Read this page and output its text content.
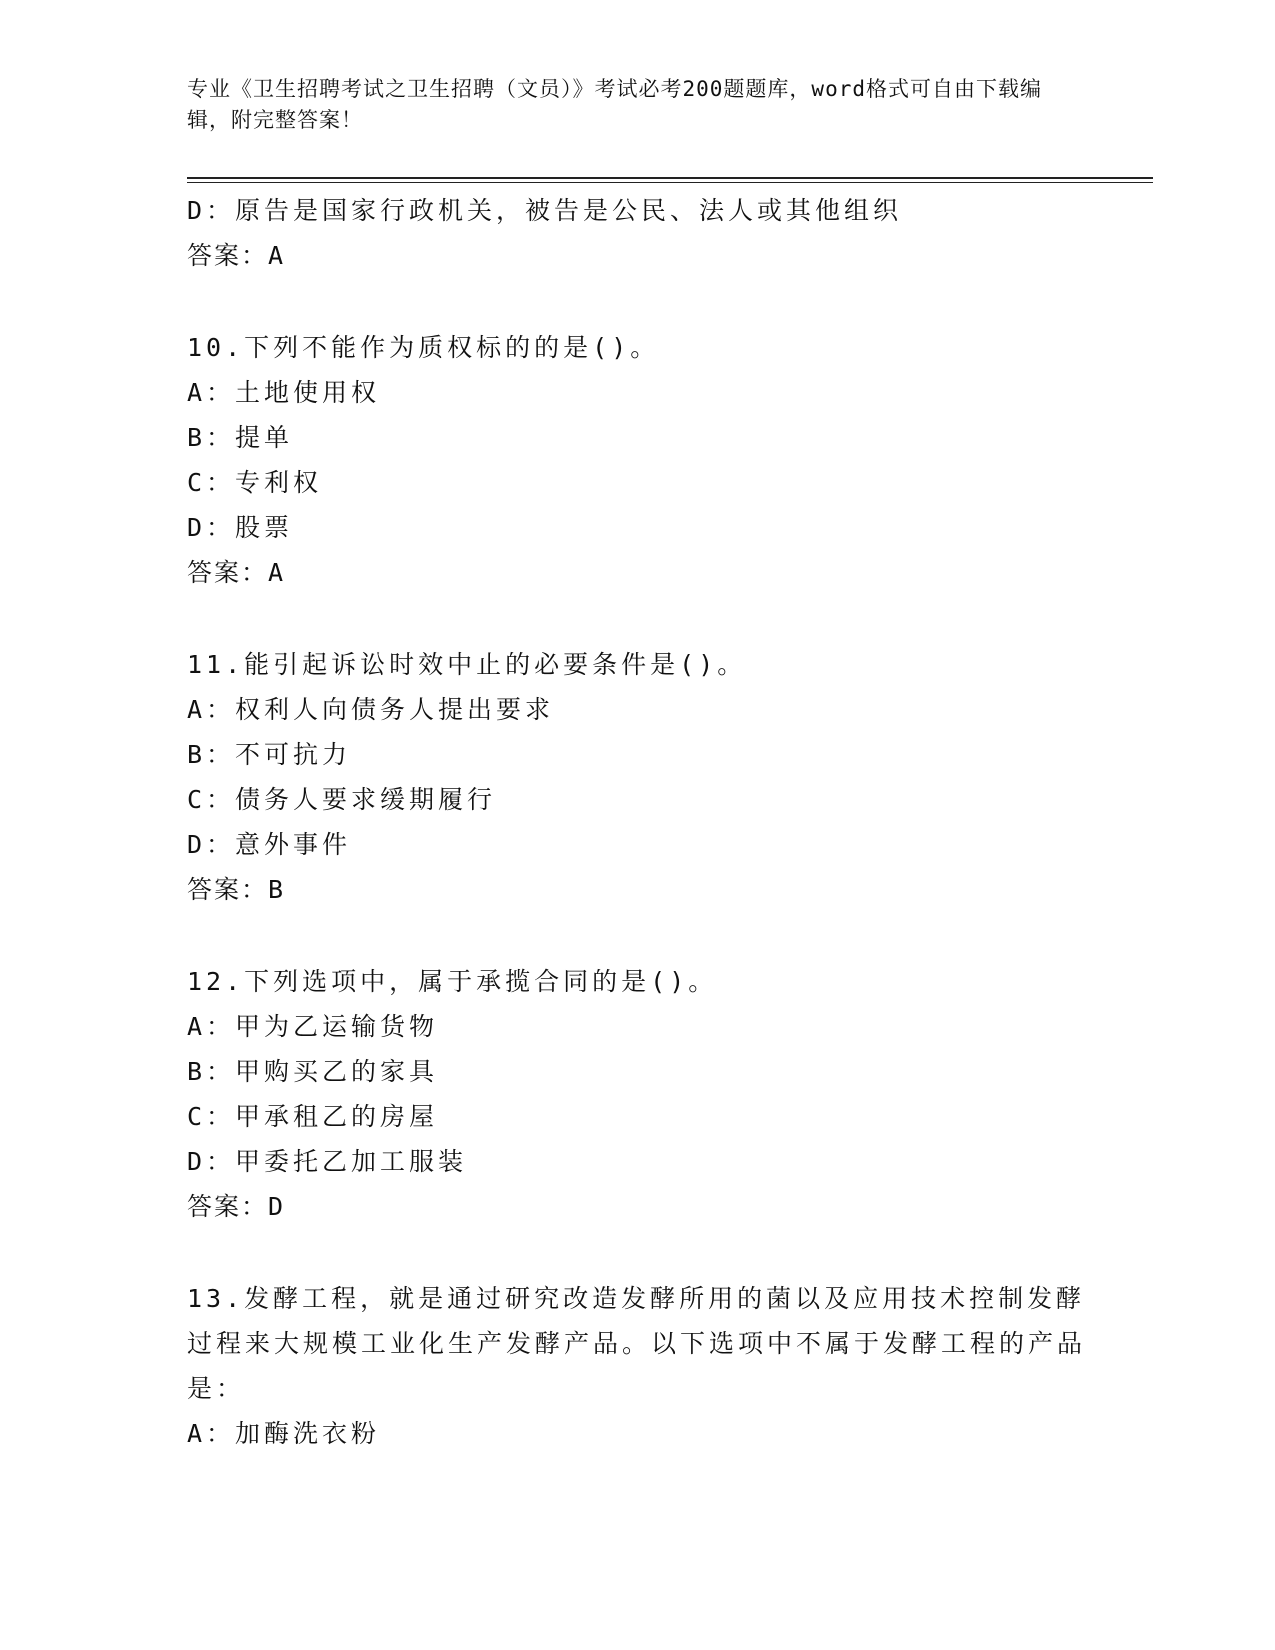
专业《卫生招聘考试之卫生招聘（文员）》考试必考200题题库，word格式可自由下载编辑，附完整答案！
D：原告是国家行政机关，被告是公民、法人或其他组织
答案：A
10.下列不能作为质权标的的是()。
A：土地使用权
B：提单
C：专利权
D：股票
答案：A
11.能引起诉讼时效中止的必要条件是()。
A：权利人向债务人提出要求
B：不可抗力
C：债务人要求缓期履行
D：意外事件
答案：B
12.下列选项中，属于承揽合同的是()。
A：甲为乙运输货物
B：甲购买乙的家具
C：甲承租乙的房屋
D：甲委托乙加工服装
答案：D
13.发酵工程，就是通过研究改造发酵所用的菌以及应用技术控制发酵过程来大规模工业化生产发酵产品。以下选项中不属于发酵工程的产品是：
A：加酶洗衣粉
